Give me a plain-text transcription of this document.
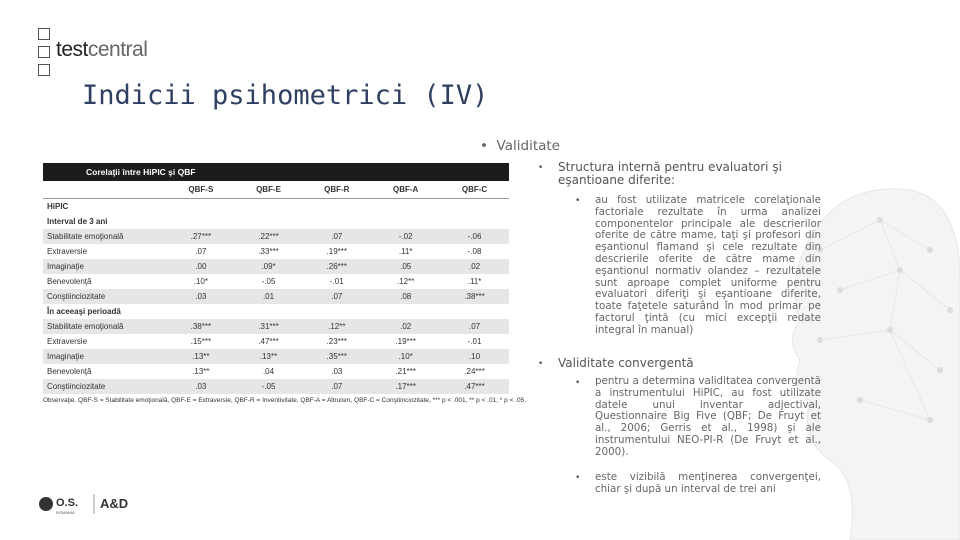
testcentral
Indicii psihometrici (IV)
Corelaţii între HiPIC şi QBF					
	QBF-S	QBF-E	QBF-R	QBF-A	QBF-C
HiPIC					
Interval de 3 ani					
Stabilitate emoţională	.27***	.22***	.07	-.02	-.06
Extraversie	.07	.33***	.19***	.11*	-.08
Imaginaţie	.00	.09*	.26***	.05	.02
Benevolenţă	.10*	-.05	-.01	.12**	.11*
Conştiinciozitate	.03	.01	.07	.08	.38***
În aceeaşi perioadă					
Stabilitate emoţională	.38***	.31***	.12**	.02	.07
Extraversie	.15***	.47***	.23***	.19***	-.01
Imaginaţie	.13**	.13**	.35***	.10*	.10
Benevolenţă	.13**	.04	.03	.21***	.24***
Conştiinciozitate	.03	-.05	.07	.17***	.47***
Observaţie. QBF-S = Stabilitate emoţională, QBF-E = Extraversie, QBF-R = Inventivitate, QBF-A = Altruism, QBF-C = Conştiinciozitate, *** p < .001, ** p < .01, * p < .05.
•  Validitate
• Structura internă pentru evaluatori şi eşantioane diferite:
• au fost utilizate matricele corelaţionale factoriale rezultate în urma analizei componentelor principale ale descrierilor oferite de către mame, taţi şi profesori din eşantionul flamand şi cele rezultate din descrierile oferite de către mame din eşantionul normativ olandez – rezultatele sunt aproape complet uniforme pentru evaluatori diferiţi şi eşantioane diferite, toate faţetele saturând în mod primar pe factorul ţintă (cu mici excepţii redate integral în manual)
• Validitate convergentă
• pentru a determina validitatea convergentă a instrumentului HiPIC, au fost utilizate datele unui inventar adjectival, Questionnaire Big Five (QBF; De Fruyt et al., 2006; Gerris et al., 1998) şi ale instrumentului NEO-PI-R (De Fruyt et al., 2000).
• este vizibilă menţinerea convergenţei, chiar şi după un interval de trei ani
O.S.
ROMANIA
A&D
